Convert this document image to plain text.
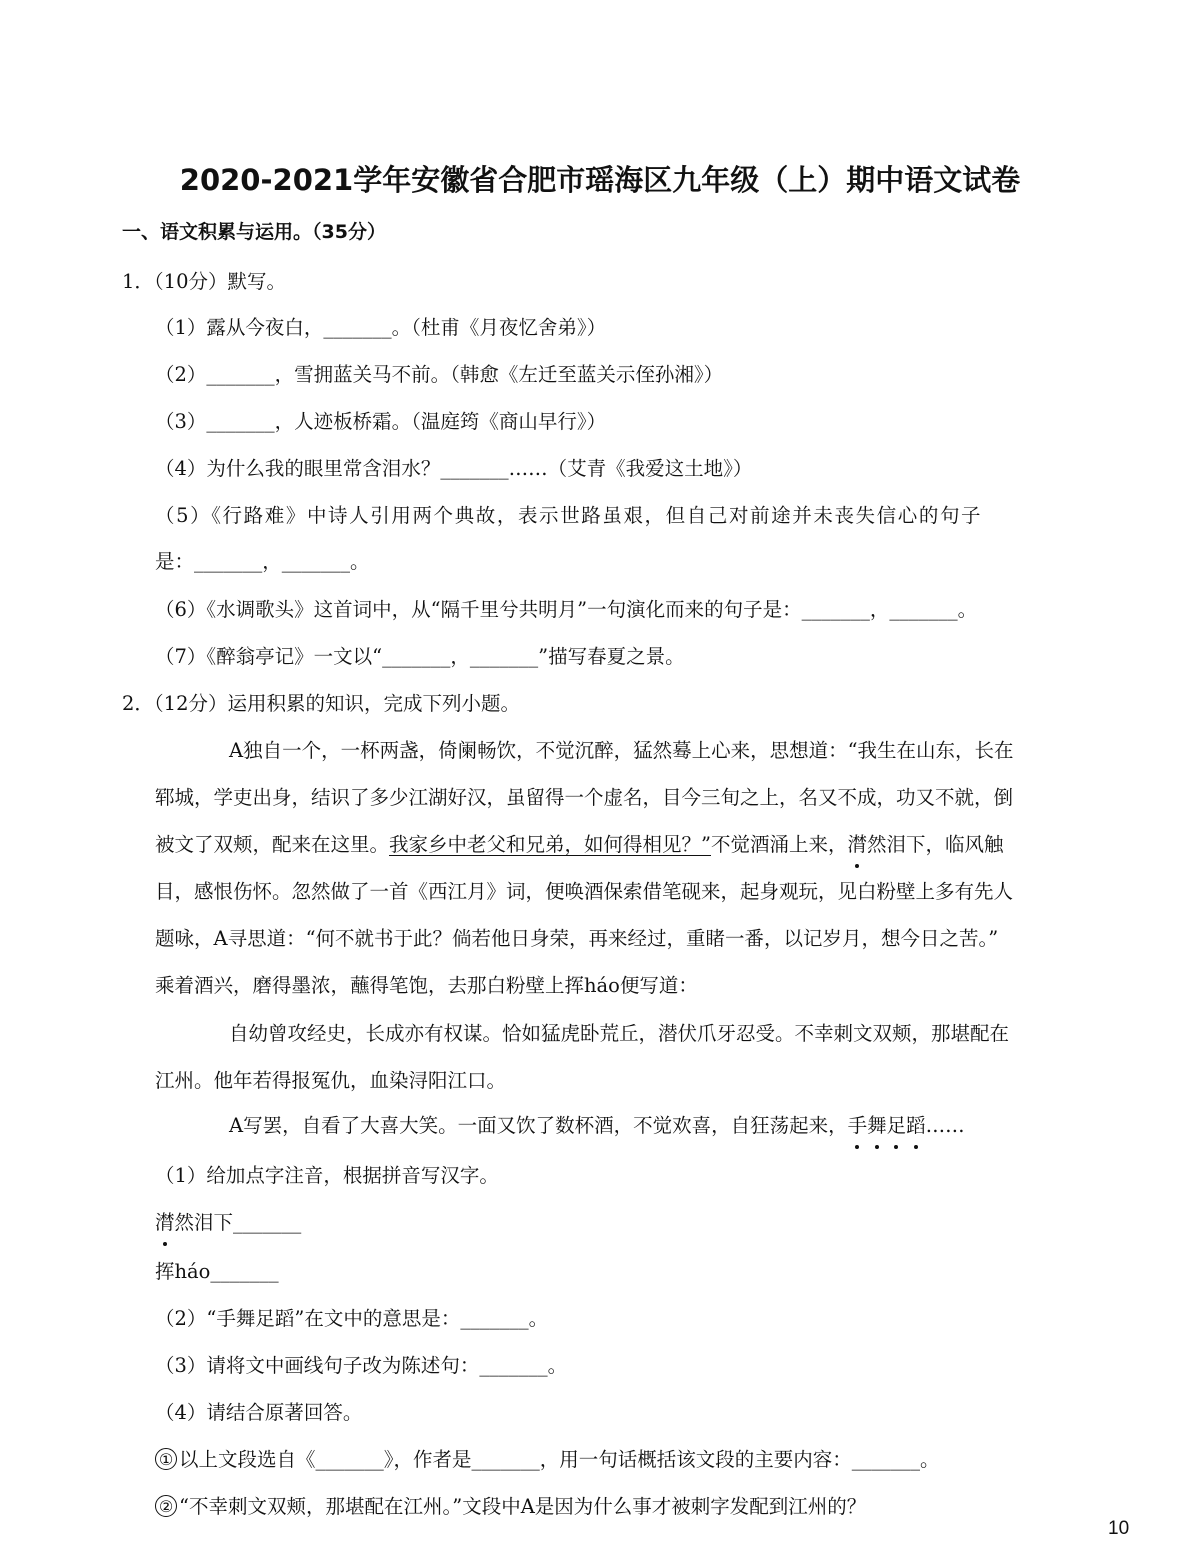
2020-2021学年安徽省合肥市瑶海区九年级（上）期中语文试卷
一、语文积累与运用。（35分）
1．（10分）默写。
（1）露从今夜白，_______。（杜甫《月夜忆舍弟》）
（2）_______，雪拥蓝关马不前。（韩愈《左迁至蓝关示侄孙湘》）
（3）_______，人迹板桥霜。（温庭筠《商山早行》）
（4）为什么我的眼里常含泪水？_______……（艾青《我爱这土地》）
（5）《行路难》中诗人引用两个典故，表示世路虽艰，但自己对前途并未丧失信心的句子
是：_______，_______。
（6）《水调歌头》这首词中，从“隔千里兮共明月”一句演化而来的句子是：_______，_______。
（7）《醉翁亭记》一文以“_______，_______”描写春夏之景。
2．（12分）运用积累的知识，完成下列小题。
A独自一个，一杯两盏，倚阑畅饮，不觉沉醉，猛然蓦上心来，思想道：“我生在山东，长在
郓城，学吏出身，结识了多少江湖好汉，虽留得一个虚名，目今三旬之上，名又不成，功又不就，倒
被文了双颊，配来在这里。我家乡中老父和兄弟，如何得相见？”不觉酒涌上来，潸然泪下，临风触
目，感恨伤怀。忽然做了一首《西江月》词，便唤酒保索借笔砚来，起身观玩，见白粉壁上多有先人
题咏，A寻思道：“何不就书于此？倘若他日身荣，再来经过，重睹一番，以记岁月，想今日之苦。”
乘着酒兴，磨得墨浓，蘸得笔饱，去那白粉壁上挥háo便写道：
自幼曾攻经史，长成亦有权谋。恰如猛虎卧荒丘，潜伏爪牙忍受。不幸刺文双颊，那堪配在
江州。他年若得报冤仇，血染浔阳江口。
A写罢，自看了大喜大笑。一面又饮了数杯酒，不觉欢喜，自狂荡起来，手舞足蹈……
（1）给加点字注音，根据拼音写汉字。
潸然泪下_______
挥háo_______
（2）“手舞足蹈”在文中的意思是：_______。
（3）请将文中画线句子改为陈述句：_______。
（4）请结合原著回答。
① 以上文段选自《_______》，作者是_______，用一句话概括该文段的主要内容：_______。
② “不幸刺文双颊，那堪配在江州。”文段中A是因为什么事才被刺字发配到江州的？
10
